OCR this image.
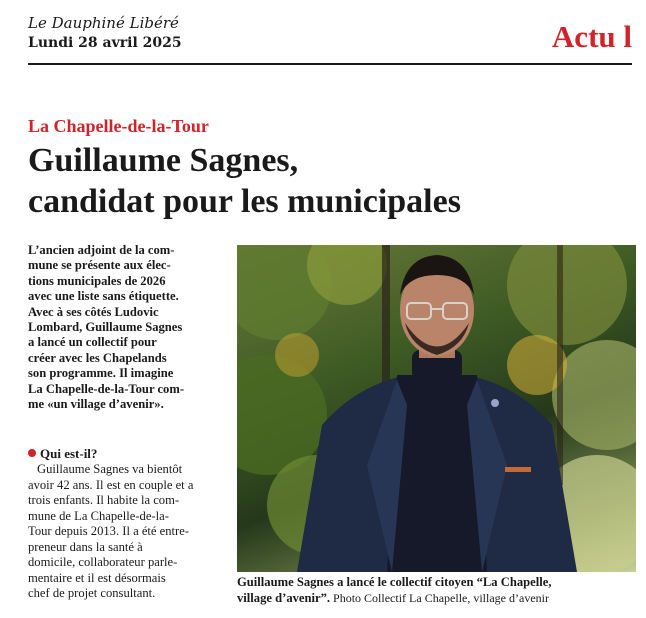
Le Dauphiné Libéré
Lundi 28 avril 2025	Actu l
La Chapelle-de-la-Tour
Guillaume Sagnes,
candidat pour les municipales
L’ancien adjoint de la com-
mune se présente aux élec-
tions municipales de 2026
avec une liste sans étiquette.
Avec à ses côtés Ludovic
Lombard, Guillaume Sagnes
a lancé un collectif pour
créer avec les Chapelands
son programme. Il imagine
La Chapelle-de-la-Tour com-
me «un village d’avenir».
Qui est-il?
Guillaume Sagnes va bientôt
avoir 42 ans. Il est en couple et a
trois enfants. Il habite la com-
mune de La Chapelle-de-la-
Tour depuis 2013. Il a été entre-
preneur dans la santé à
domicile, collaborateur parle-
mentaire et il est désormais
chef de projet consultant.
Guillaume Sagnes a lancé le collectif citoyen “La Chapelle,
village d’avenir”. Photo Collectif La Chapelle, village d’avenir
